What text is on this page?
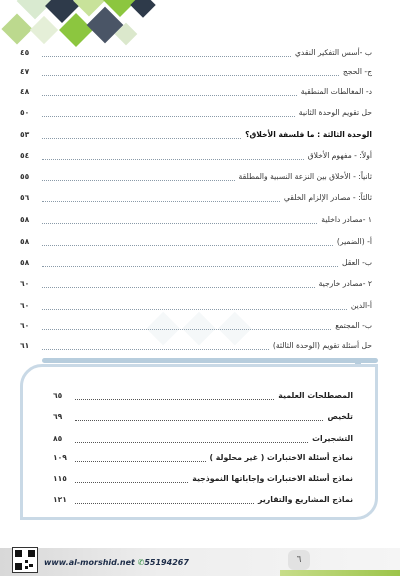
ب -أسس التفكير النقدي
٤٥
ج- الحجج
٤٧
د- المغالطات المنطقية
٤٨
حل تقويم الوحدة الثانية
٥٠
الوحدة الثالثة : ما فلسفة الأخلاق؟
٥٣
أولاً: - مفهوم الأخلاق
٥٤
ثانياً: - الأخلاق بين النزعة النسبية والمطلقة
٥٥
ثالثاً: - مصادر الإلزام الخلقي
٥٦
١ -مصادر داخلية
٥٨
أ- (الضمير)
٥٨
ب- العقل
٥٨
٢ -مصادر خارجية
٦٠
أ-الدين
٦٠
ب- المجتمع
٦٠
حل أسئلة تقويم (الوحدة الثالثة)
٦١	◆◆◆
المصطلحات العلمية
٦٥
تلخيص
٦٩
التشجيرات
٨٥
نماذج أسئلة الاختبارات ( غير محلولة )
١٠٩
نماذج أسئلة الاختبارات وإجاباتها النموذجية
١١٥
نماذج المشاريع والتقارير
١٢١
www.al-morshid.net ✆55194267	٦
